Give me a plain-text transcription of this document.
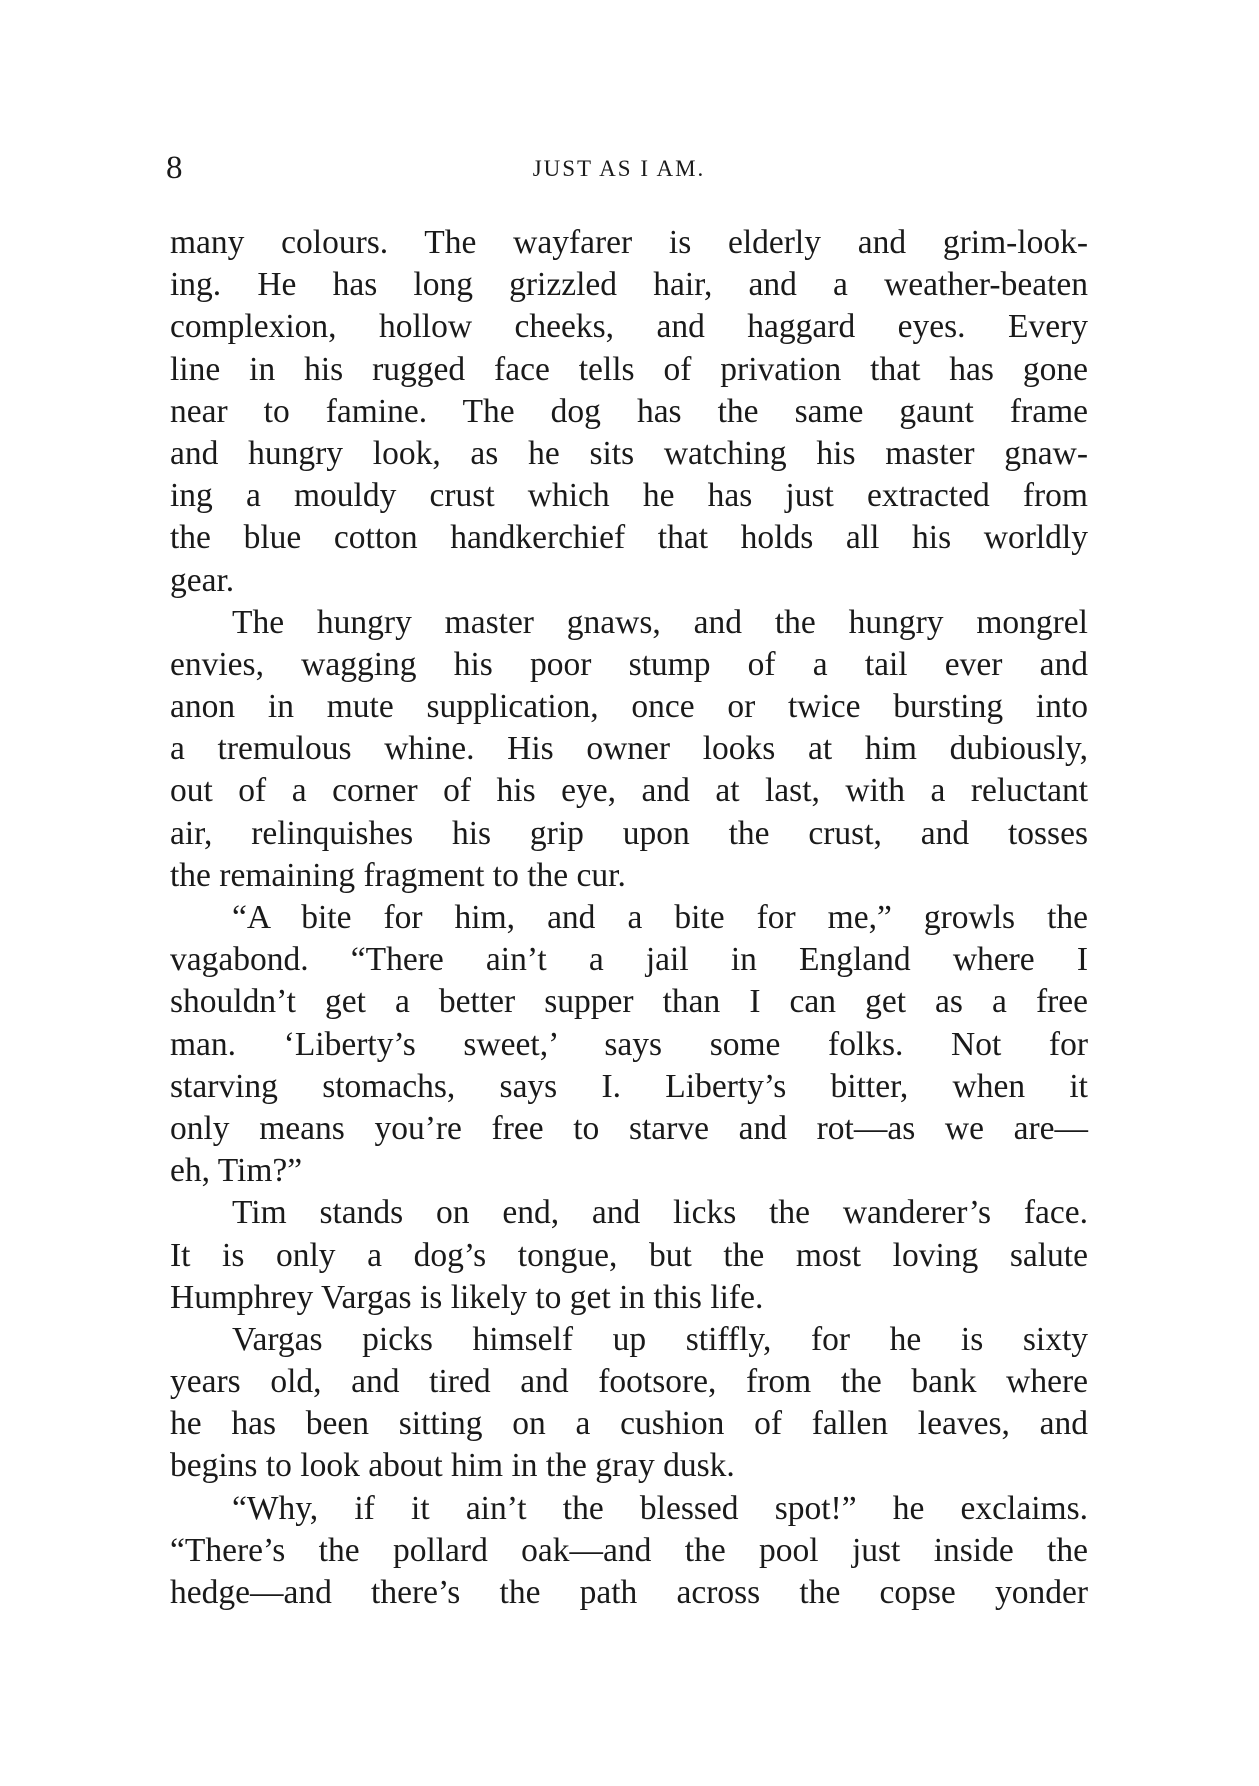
8	JUST AS I AM.
many colours. The wayfarer is elderly and grim-look-
ing. He has long grizzled hair, and a weather-beaten
complexion, hollow cheeks, and haggard eyes. Every
line in his rugged face tells of privation that has gone
near to famine. The dog has the same gaunt frame
and hungry look, as he sits watching his master gnaw-
ing a mouldy crust which he has just extracted from
the blue cotton handkerchief that holds all his worldly
gear.
The hungry master gnaws, and the hungry mongrel
envies, wagging his poor stump of a tail ever and
anon in mute supplication, once or twice bursting into
a tremulous whine. His owner looks at him dubiously,
out of a corner of his eye, and at last, with a reluctant
air, relinquishes his grip upon the crust, and tosses
the remaining fragment to the cur.
“A bite for him, and a bite for me,” growls the
vagabond. “There ain’t a jail in England where I
shouldn’t get a better supper than I can get as a free
man. ‘Liberty’s sweet,’ says some folks. Not for
starving stomachs, says I. Liberty’s bitter, when it
only means you’re free to starve and rot—as we are—
eh, Tim?”
Tim stands on end, and licks the wanderer’s face.
It is only a dog’s tongue, but the most loving salute
Humphrey Vargas is likely to get in this life.
Vargas picks himself up stiffly, for he is sixty
years old, and tired and footsore, from the bank where
he has been sitting on a cushion of fallen leaves, and
begins to look about him in the gray dusk.
“Why, if it ain’t the blessed spot!” he exclaims.
“There’s the pollard oak—and the pool just inside the
hedge—and there’s the path across the copse yonder
